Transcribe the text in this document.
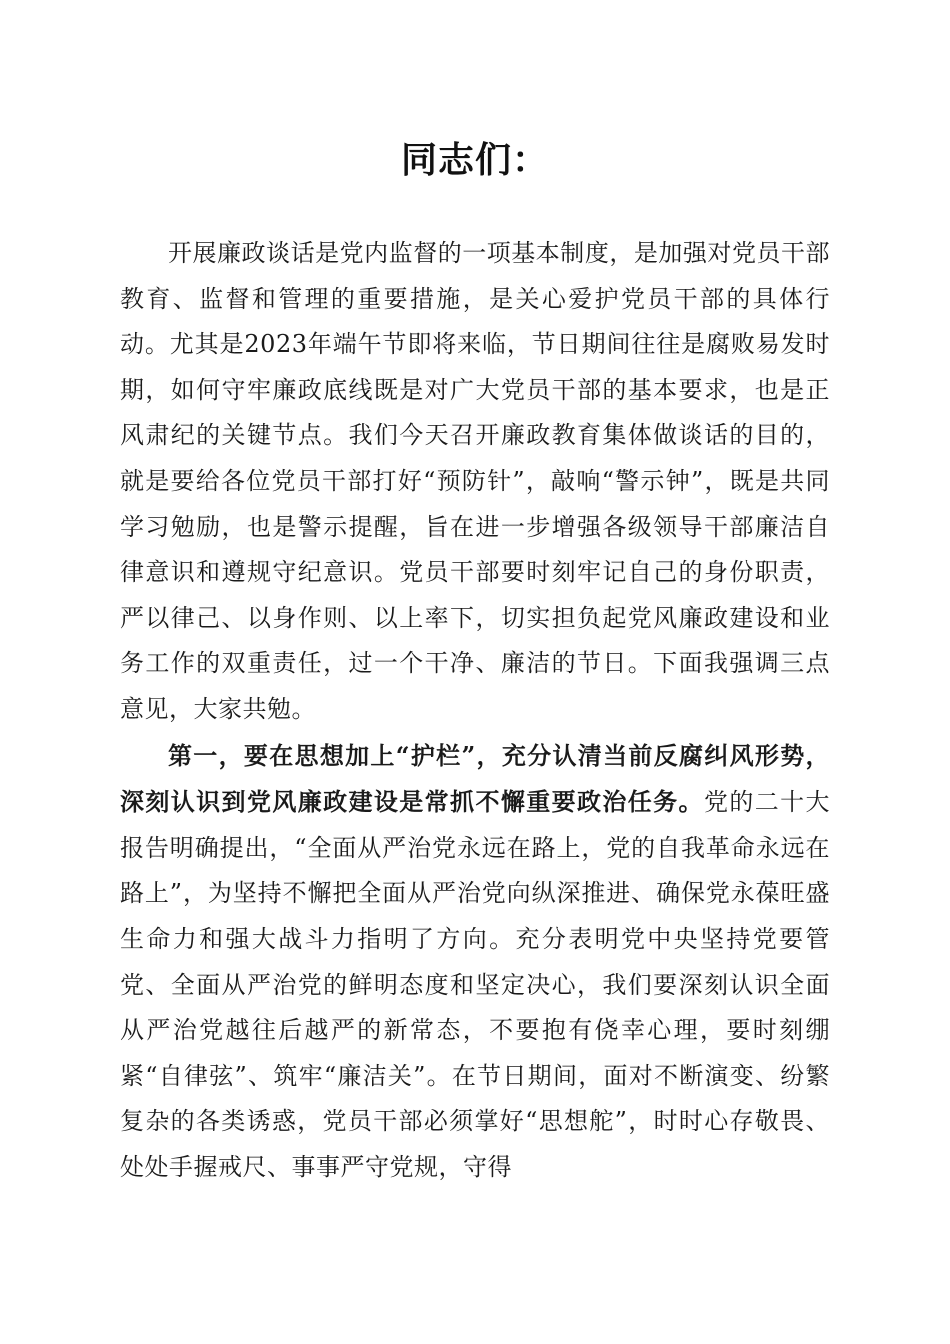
同志们：

开展廉政谈话是党内监督的一项基本制度，是加强对党员干部教育、监督和管理的重要措施，是关心爱护党员干部的具体行动。尤其是2023年端午节即将来临，节日期间往往是腐败易发时期，如何守牢廉政底线既是对广大党员干部的基本要求，也是正风肃纪的关键节点。我们今天召开廉政教育集体做谈话的目的，就是要给各位党员干部打好“预防针”，敲响“警示钟”，既是共同学习勉励，也是警示提醒，旨在进一步增强各级领导干部廉洁自律意识和遵规守纪意识。党员干部要时刻牢记自己的身份职责，严以律己、以身作则、以上率下，切实担负起党风廉政建设和业务工作的双重责任，过一个干净、廉洁的节日。下面我强调三点意见，大家共勉。

第一，要在思想加上“护栏”，充分认清当前反腐纠风形势，深刻认识到党风廉政建设是常抓不懈重要政治任务。党的二十大报告明确提出，“全面从严治党永远在路上，党的自我革命永远在路上”，为坚持不懈把全面从严治党向纵深推进、确保党永葆旺盛生命力和强大战斗力指明了方向。充分表明党中央坚持党要管党、全面从严治党的鲜明态度和坚定决心，我们要深刻认识全面从严治党越往后越严的新常态，不要抱有侥幸心理，要时刻绷紧“自律弦”、筑牢“廉洁关”。在节日期间，面对不断演变、纷繁复杂的各类诱惑，党员干部必须掌好“思想舵”，时时心存敬畏、处处手握戒尺、事事严守党规，守得
